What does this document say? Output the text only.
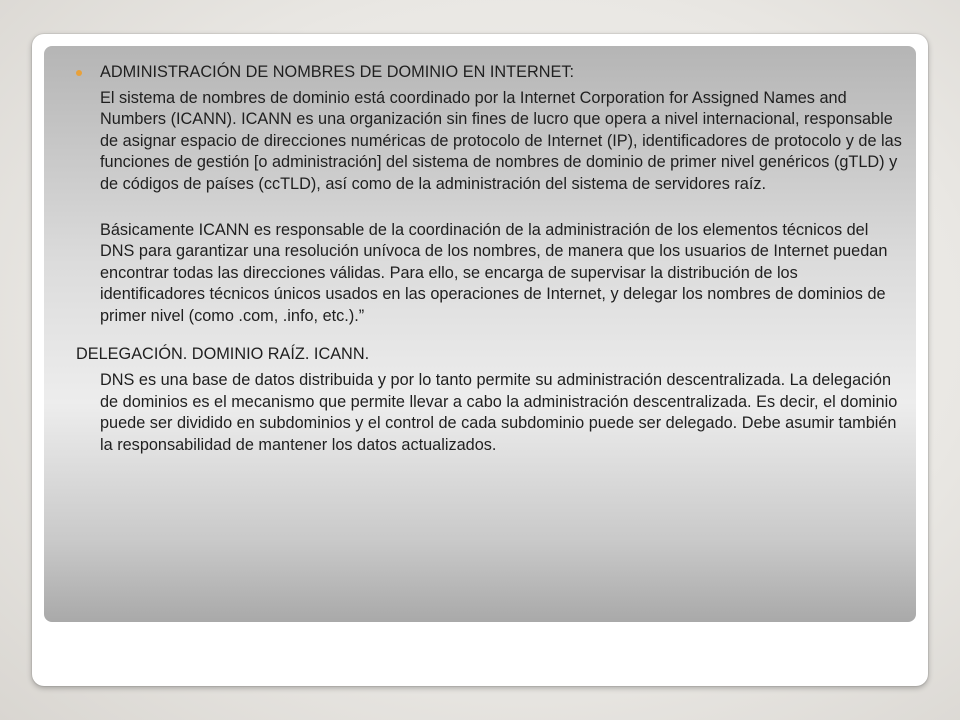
ADMINISTRACIÓN DE NOMBRES DE DOMINIO EN INTERNET:

El sistema de nombres de dominio está coordinado por la Internet Corporation for Assigned Names and Numbers (ICANN). ICANN es una organización sin fines de lucro que opera a nivel internacional, responsable de asignar espacio de direcciones numéricas de protocolo de Internet (IP), identificadores de protocolo y de las funciones de gestión [o administración] del sistema de nombres de dominio de primer nivel genéricos (gTLD) y de códigos de países (ccTLD), así como de la administración del sistema de servidores raíz.

Básicamente ICANN es responsable de la coordinación de la administración de los elementos técnicos del DNS para garantizar una resolución unívoca de los nombres, de manera que los usuarios de Internet puedan encontrar todas las direcciones válidas. Para ello, se encarga de supervisar la distribución de los identificadores técnicos únicos usados en las operaciones de Internet, y delegar los nombres de dominios de primer nivel (como .com, .info, etc.).”

DELEGACIÓN. DOMINIO RAÍZ. ICANN.

DNS es una base de datos distribuida y por lo tanto permite su administración descentralizada. La delegación de dominios es el mecanismo que permite llevar a cabo la administración descentralizada. Es decir, el dominio puede ser dividido en subdominios y el control de cada subdominio puede ser delegado. Debe asumir también la responsabilidad de mantener los datos actualizados.
